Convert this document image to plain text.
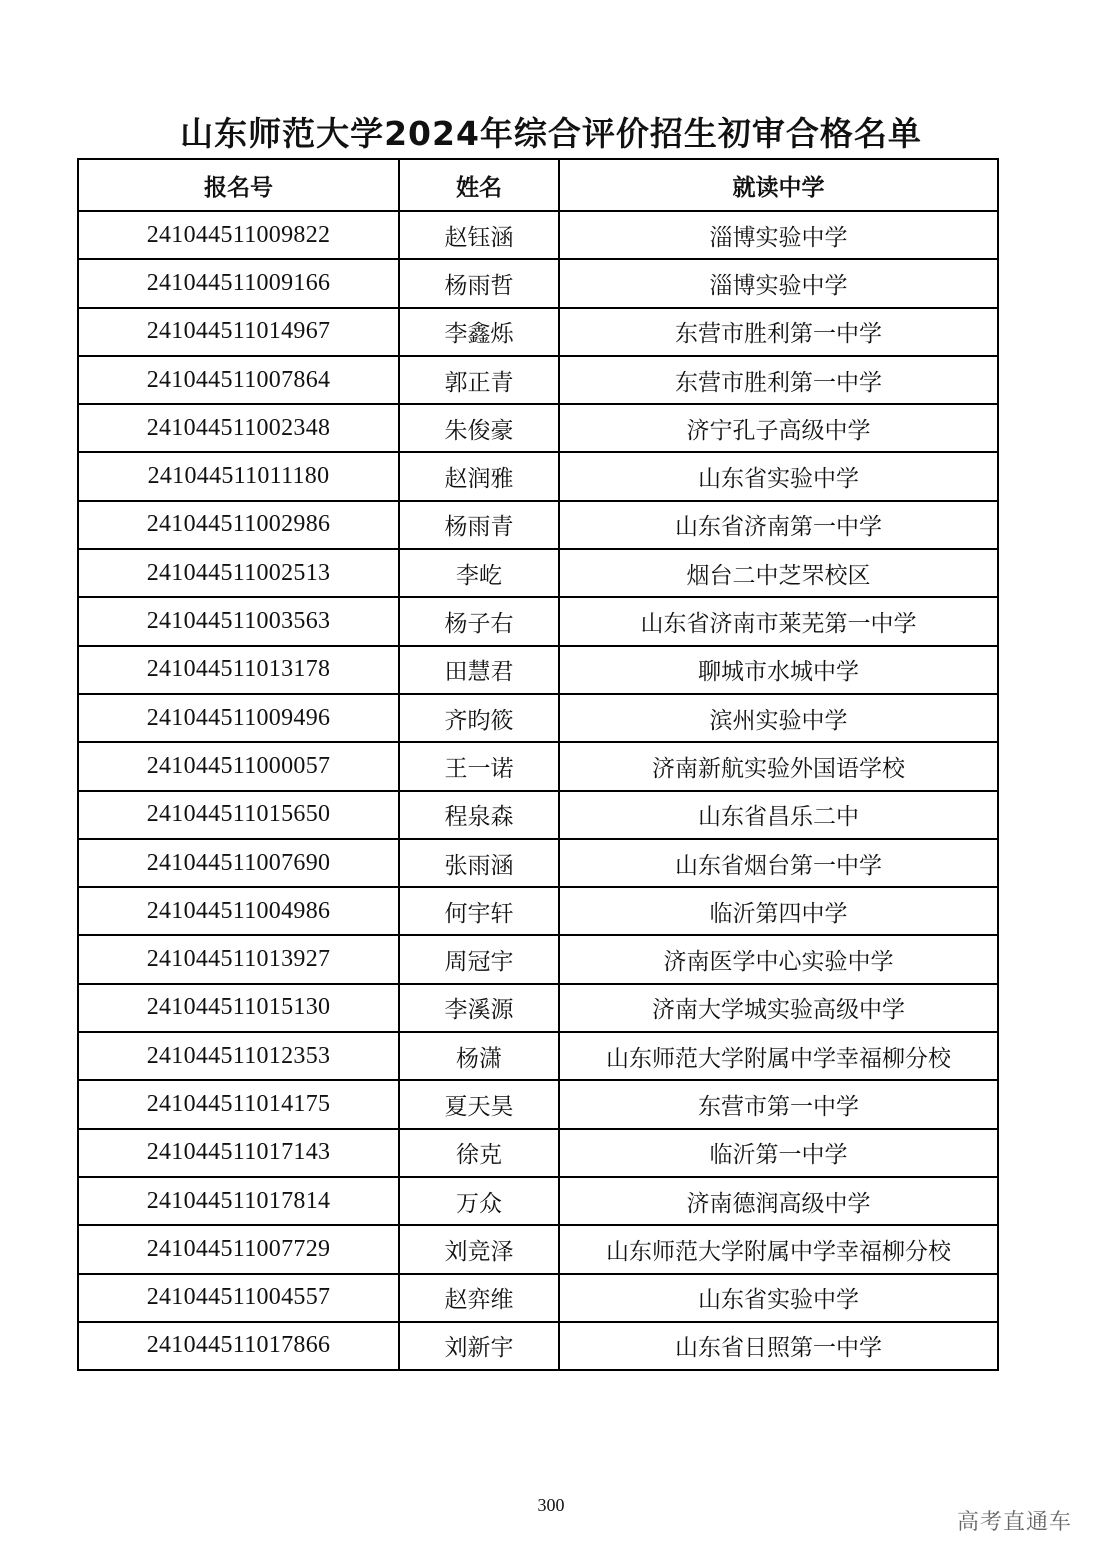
山东师范大学2024年综合评价招生初审合格名单
报名号	姓名	就读中学
241044511009822	赵钰涵	淄博实验中学
241044511009166	杨雨哲	淄博实验中学
241044511014967	李鑫烁	东营市胜利第一中学
241044511007864	郭正青	东营市胜利第一中学
241044511002348	朱俊豪	济宁孔子高级中学
241044511011180	赵润雅	山东省实验中学
241044511002986	杨雨青	山东省济南第一中学
241044511002513	李屹	烟台二中芝罘校区
241044511003563	杨子右	山东省济南市莱芜第一中学
241044511013178	田慧君	聊城市水城中学
241044511009496	齐昀筱	滨州实验中学
241044511000057	王一诺	济南新航实验外国语学校
241044511015650	程泉森	山东省昌乐二中
241044511007690	张雨涵	山东省烟台第一中学
241044511004986	何宇轩	临沂第四中学
241044511013927	周冠宇	济南医学中心实验中学
241044511015130	李溪源	济南大学城实验高级中学
241044511012353	杨潇	山东师范大学附属中学幸福柳分校
241044511014175	夏天昊	东营市第一中学
241044511017143	徐克	临沂第一中学
241044511017814	万众	济南德润高级中学
241044511007729	刘竞泽	山东师范大学附属中学幸福柳分校
241044511004557	赵弈维	山东省实验中学
241044511017866	刘新宇	山东省日照第一中学
300
高考直通车
